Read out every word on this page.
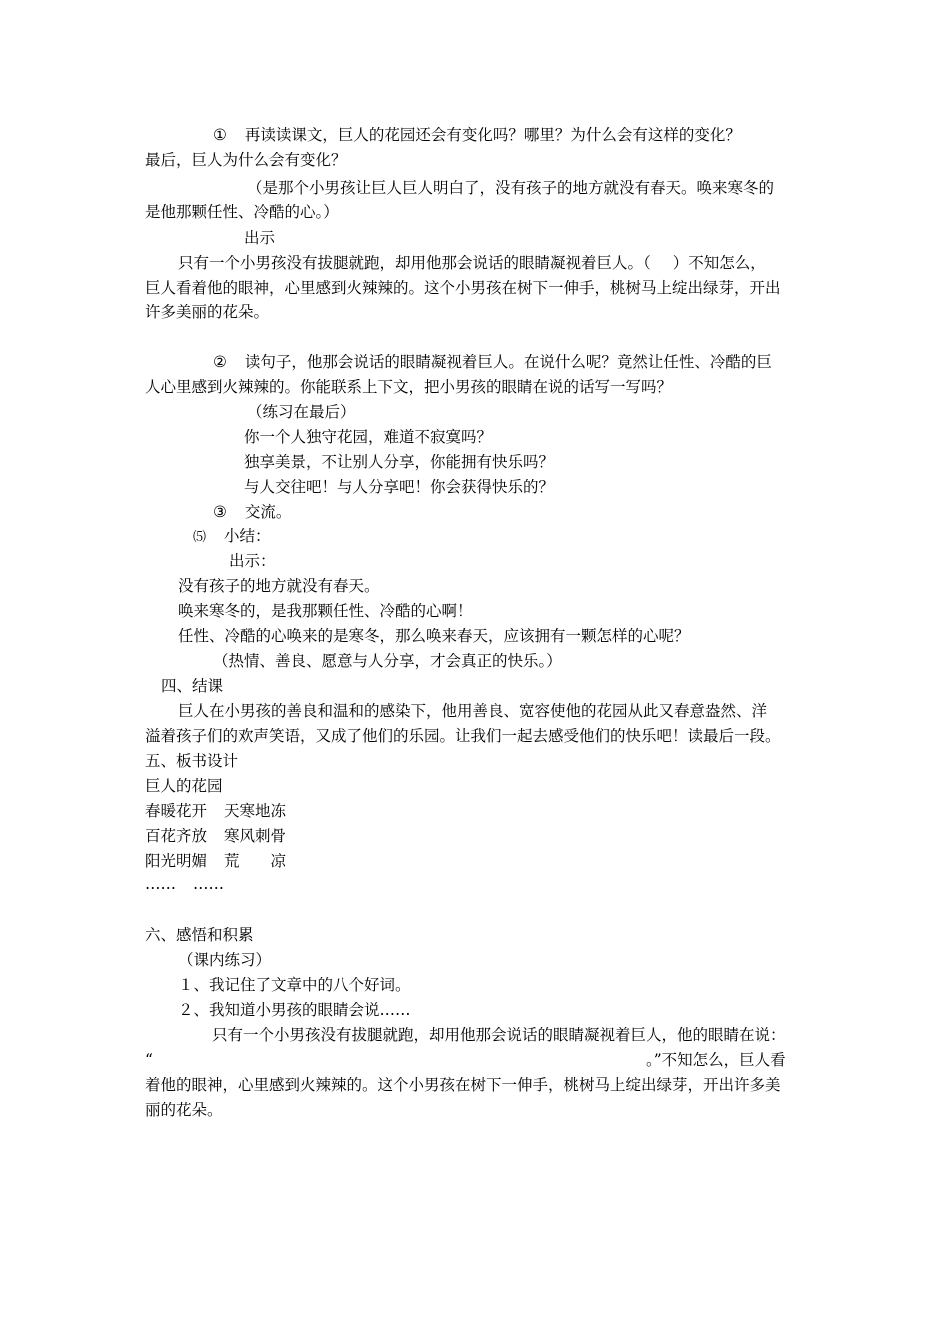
① 再读读课文，巨人的花园还会有变化吗？哪里？为什么会有这样的变化？
最后，巨人为什么会有变化？
（是那个小男孩让巨人巨人明白了，没有孩子的地方就没有春天。唤来寒冬的
是他那颗任性、冷酷的心。）
出示
只有一个小男孩没有拔腿就跑，却用他那会说话的眼睛凝视着巨人。（ ）不知怎么，
巨人看着他的眼神，心里感到火辣辣的。这个小男孩在树下一伸手，桃树马上绽出绿芽，开出
许多美丽的花朵。
② 读句子，他那会说话的眼睛凝视着巨人。在说什么呢？竟然让任性、冷酷的巨
人心里感到火辣辣的。你能联系上下文，把小男孩的眼睛在说的话写一写吗？
（练习在最后）
你一个人独守花园，难道不寂寞吗？
独享美景，不让别人分享，你能拥有快乐吗？
与人交往吧！与人分享吧！你会获得快乐的？
③ 交流。
⑸ 小结：
出示：
没有孩子的地方就没有春天。
唤来寒冬的，是我那颗任性、冷酷的心啊！
任性、冷酷的心唤来的是寒冬，那么唤来春天，应该拥有一颗怎样的心呢？
（热情、善良、愿意与人分享，才会真正的快乐。）
四、结课
巨人在小男孩的善良和温和的感染下，他用善良、宽容使他的花园从此又春意盎然、洋
溢着孩子们的欢声笑语，又成了他们的乐园。让我们一起去感受他们的快乐吧！读最后一段。
五、板书设计
巨人的花园
春暖花开 天寒地冻
百花齐放 寒风刺骨
阳光明媚 荒　　凉
…… ……
六、感悟和积累
（课内练习）
１、我记住了文章中的八个好词。
２、我知道小男孩的眼睛会说……
只有一个小男孩没有拔腿就跑，却用他那会说话的眼睛凝视着巨人，他的眼睛在说：
“	。”不知怎么，巨人看
着他的眼神，心里感到火辣辣的。这个小男孩在树下一伸手，桃树马上绽出绿芽，开出许多美
丽的花朵。
